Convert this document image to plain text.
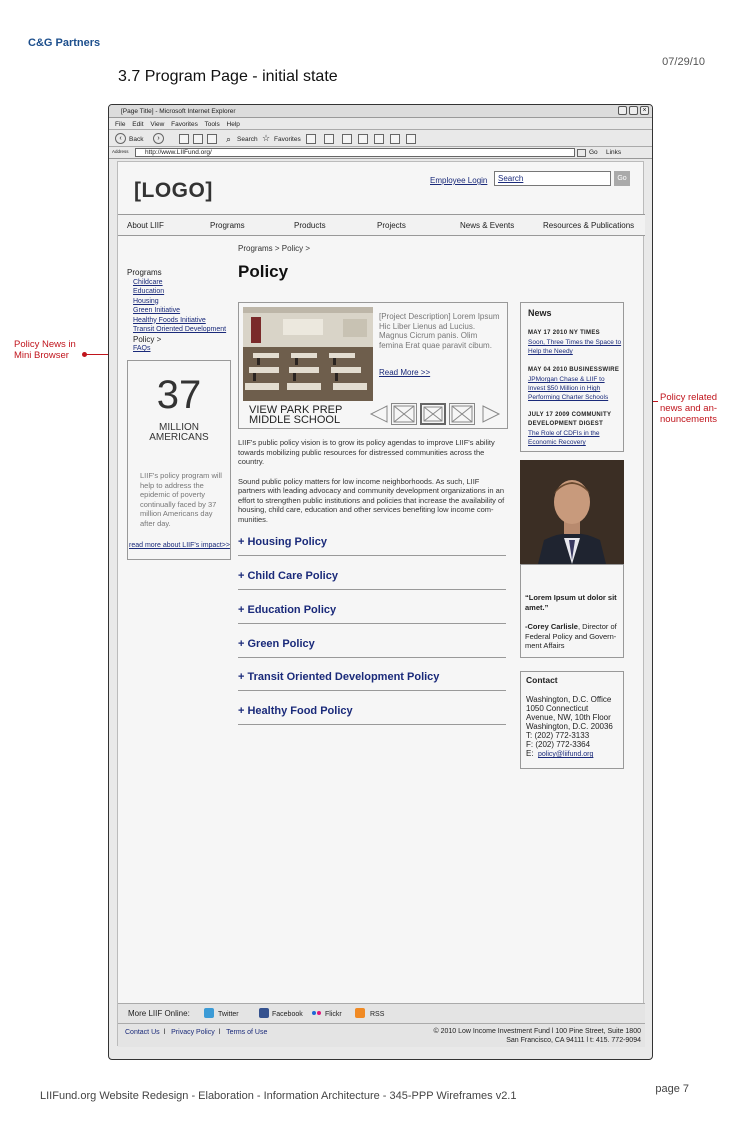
C&G Partners
07/29/10
3.7 Program Page - initial state
Policy News in Mini Browser
Policy related news and an-nouncements
[Page Title] - Microsoft Internet Explorer	×
File Edit View Favorites Tools Help
‹	Back	›	⌕ Search ☆ Favorites
Address	http://www.LIIFund.org/	Go Links
[LOGO]	Employee Login	Search	Go
About LIIF	Programs	Products	Projects	News & Events	Resources & Publications
Programs > Policy >
Policy
Programs
Childcare
Education
Housing
Green Initiative
Healthy Foods Initiative
Transit Oriented Development
Policy >
FAQs
37
MILLION
AMERICANS
LIIF's policy program will help to address the epidemic of poverty continually faced by 37 million Americans day after day.
read more about LIIF's impact>>
[Project Description] Lorem Ipsum Hic Liber Lienus ad Lucius. Magnus Cicrum panis. Olim femina Erat quae paravit cibum.
Read More >>
VIEW PARK PREP
MIDDLE SCHOOL

LIIF's public policy vision is to grow its policy agendas to improve LIIF's ability towards mobilizing public resources for distressed communities across the country.

Sound public policy matters for low income neighborhoods. As such, LIIF partners with leading advocacy and community development organizations in an effort to strengthen public institutions and policies that increase the availability of housing, child care, education and other services benefiting low income com-munities.

+ Housing Policy
+ Child Care Policy
+ Education Policy
+ Green Policy
+ Transit Oriented Development Policy
+ Healthy Food Policy
News
MAY 17 2010 NY TIMES
Soon, Three Times the Space to Help the Needy
MAY 04 2010 BUSINESSWIRE
JPMorgan Chase & LIIF to Invest $50 Million in High Performing Charter Schools
JULY 17 2009 COMMUNITY DEVELOPMENT DIGEST
The Role of CDFIs in the Economic Recovery
“Lorem Ipsum ut dolor sit amet.”
-Corey Carlisle, Director of Federal Policy and Govern-ment Affairs
Contact
Washington, D.C. Office
1050 Connecticut
Avenue, NW, 10th Floor
Washington, D.C. 20036
T: (202) 772-3133
F: (202) 772-3364
E: policy@liifund.org
More LIIF Online:	Twitter	Facebook	Flickr	RSS
Contact Us l Privacy Policy l Terms of Use	© 2010 Low Income Investment Fund l 100 Pine Street, Suite 1800
San Francisco, CA 94111 l t: 415. 772-9094
page 7
LIIFund.org Website Redesign - Elaboration - Information Architecture - 345-PPP Wireframes v2.1
